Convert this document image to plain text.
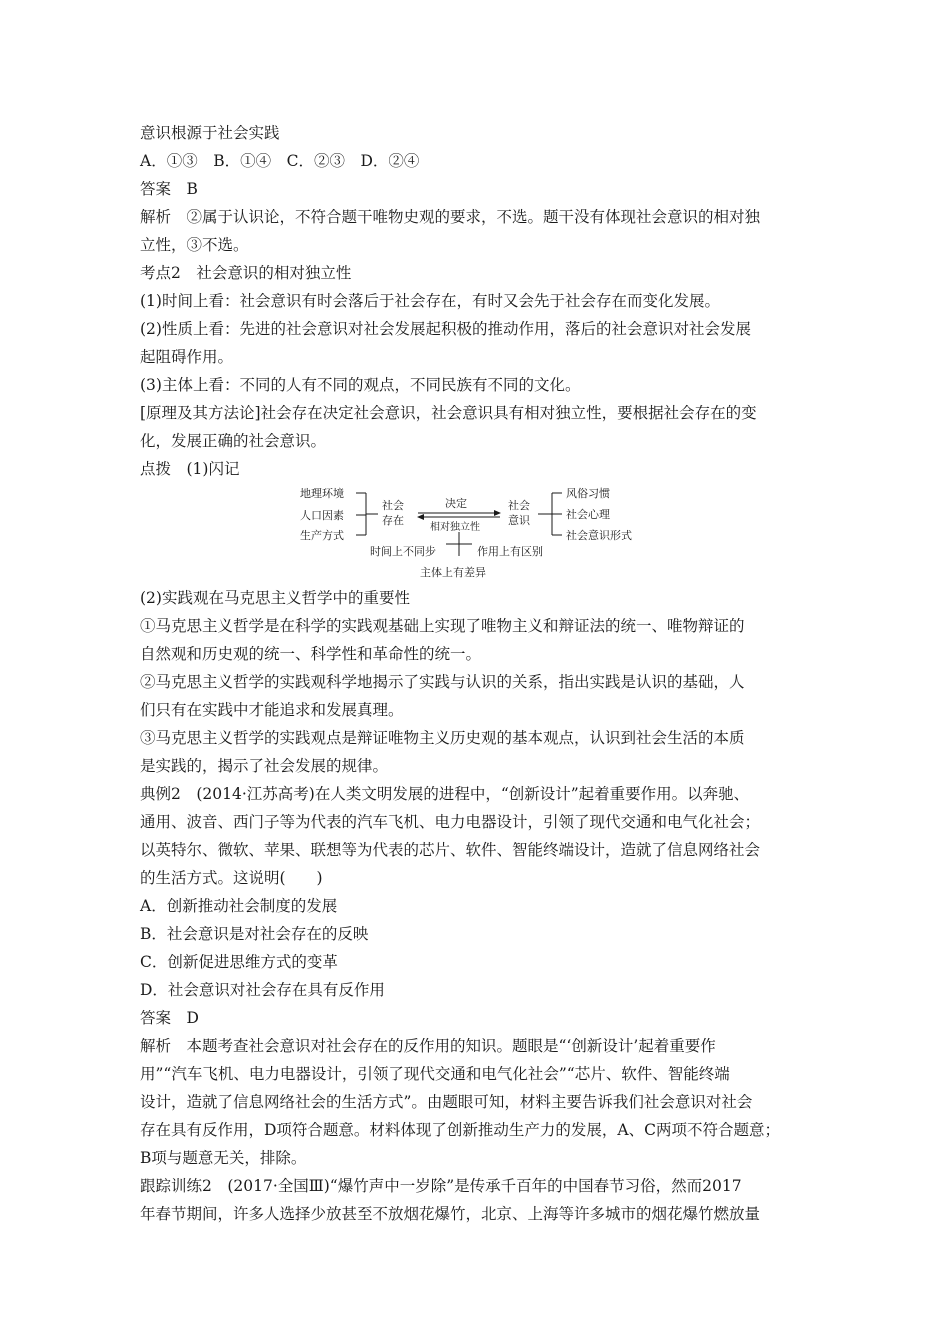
意识根源于社会实践
A．①③　B．①④　C．②③　D．②④
答案　B
解析　②属于认识论，不符合题干唯物史观的要求，不选。题干没有体现社会意识的相对独
立性，③不选。
考点2　社会意识的相对独立性
(1)时间上看：社会意识有时会落后于社会存在，有时又会先于社会存在而变化发展。
(2)性质上看：先进的社会意识对社会发展起积极的推动作用，落后的社会意识对社会发展
起阻碍作用。
(3)主体上看：不同的人有不同的观点，不同民族有不同的文化。
[原理及其方法论]社会存在决定社会意识，社会意识具有相对独立性，要根据社会存在的变
化，发展正确的社会意识。
点拨　(1)闪记
地理环境
人口因素
生产方式
社会
存在
决定
相对独立性
社会
意识
风俗习惯
社会心理
社会意识形式
时间上不同步	作用上有区别
主体上有差异
(2)实践观在马克思主义哲学中的重要性
①马克思主义哲学是在科学的实践观基础上实现了唯物主义和辩证法的统一、唯物辩证的
自然观和历史观的统一、科学性和革命性的统一。
②马克思主义哲学的实践观科学地揭示了实践与认识的关系，指出实践是认识的基础，人
们只有在实践中才能追求和发展真理。
③马克思主义哲学的实践观点是辩证唯物主义历史观的基本观点，认识到社会生活的本质
是实践的，揭示了社会发展的规律。
典例2　(2014·江苏高考)在人类文明发展的进程中，“创新设计”起着重要作用。以奔驰、
通用、波音、西门子等为代表的汽车飞机、电力电器设计，引领了现代交通和电气化社会；
以英特尔、微软、苹果、联想等为代表的芯片、软件、智能终端设计，造就了信息网络社会
的生活方式。这说明(　　)
A．创新推动社会制度的发展
B．社会意识是对社会存在的反映
C．创新促进思维方式的变革
D．社会意识对社会存在具有反作用
答案　D
解析　本题考查社会意识对社会存在的反作用的知识。题眼是“‘创新设计’起着重要作
用”“汽车飞机、电力电器设计，引领了现代交通和电气化社会”“芯片、软件、智能终端
设计，造就了信息网络社会的生活方式”。由题眼可知，材料主要告诉我们社会意识对社会
存在具有反作用，D项符合题意。材料体现了创新推动生产力的发展，A、C两项不符合题意；
B项与题意无关，排除。
跟踪训练2　(2017·全国Ⅲ)“爆竹声中一岁除”是传承千百年的中国春节习俗，然而2017
年春节期间，许多人选择少放甚至不放烟花爆竹，北京、上海等许多城市的烟花爆竹燃放量
